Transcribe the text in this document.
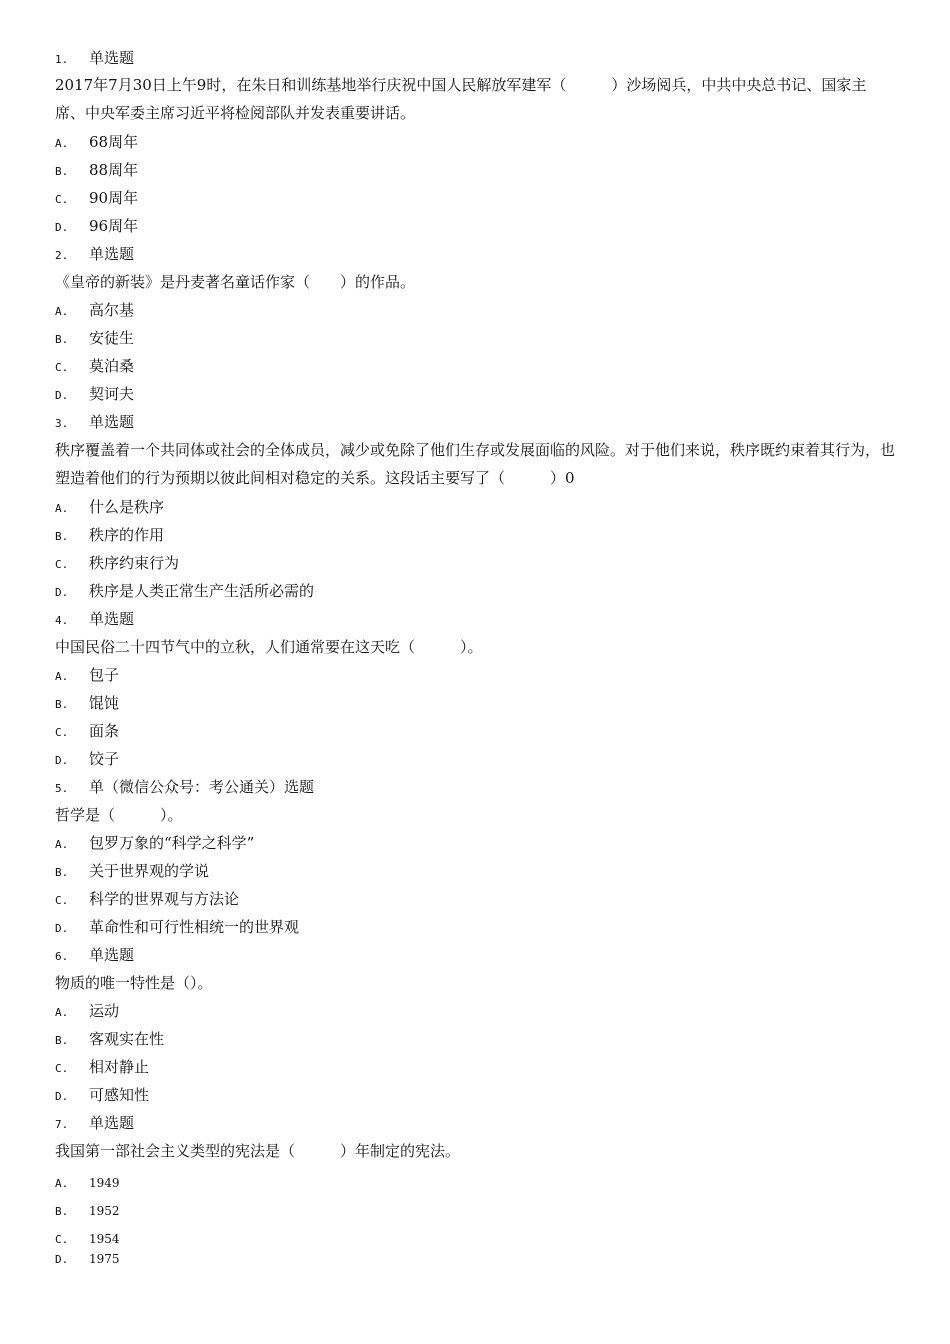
1. 单选题
2017年7月30日上午9时，在朱日和训练基地举行庆祝中国人民解放军建军（　　　）沙场阅兵，中共中央总书记、国家主席、中央军委主席习近平将检阅部队并发表重要讲话。
A. 68周年
B. 88周年
C. 90周年
D. 96周年
2. 单选题
《皇帝的新装》是丹麦著名童话作家（　　）的作品。
A. 高尔基
B. 安徒生
C. 莫泊桑
D. 契诃夫
3. 单选题
秩序覆盖着一个共同体或社会的全体成员，减少或免除了他们生存或发展面临的风险。对于他们来说，秩序既约束着其行为，也塑造着他们的行为预期以彼此间相对稳定的关系。这段话主要写了（　　　）0
A. 什么是秩序
B. 秩序的作用
C. 秩序约束行为
D. 秩序是人类正常生产生活所必需的
4. 单选题
中国民俗二十四节气中的立秋，人们通常要在这天吃（　　　）。
A. 包子
B. 馄饨
C. 面条
D. 饺子
5. 单（微信公众号：考公通关）选题
哲学是（　　　）。
A. 包罗万象的“科学之科学”
B. 关于世界观的学说
C. 科学的世界观与方法论
D. 革命性和可行性相统一的世界观
6. 单选题
物质的唯一特性是（）。
A. 运动
B. 客观实在性
C. 相对静止
D. 可感知性
7. 单选题
我国第一部社会主义类型的宪法是（　　　）年制定的宪法。
A. 1949
B. 1952
C. 1954
D. 1975
